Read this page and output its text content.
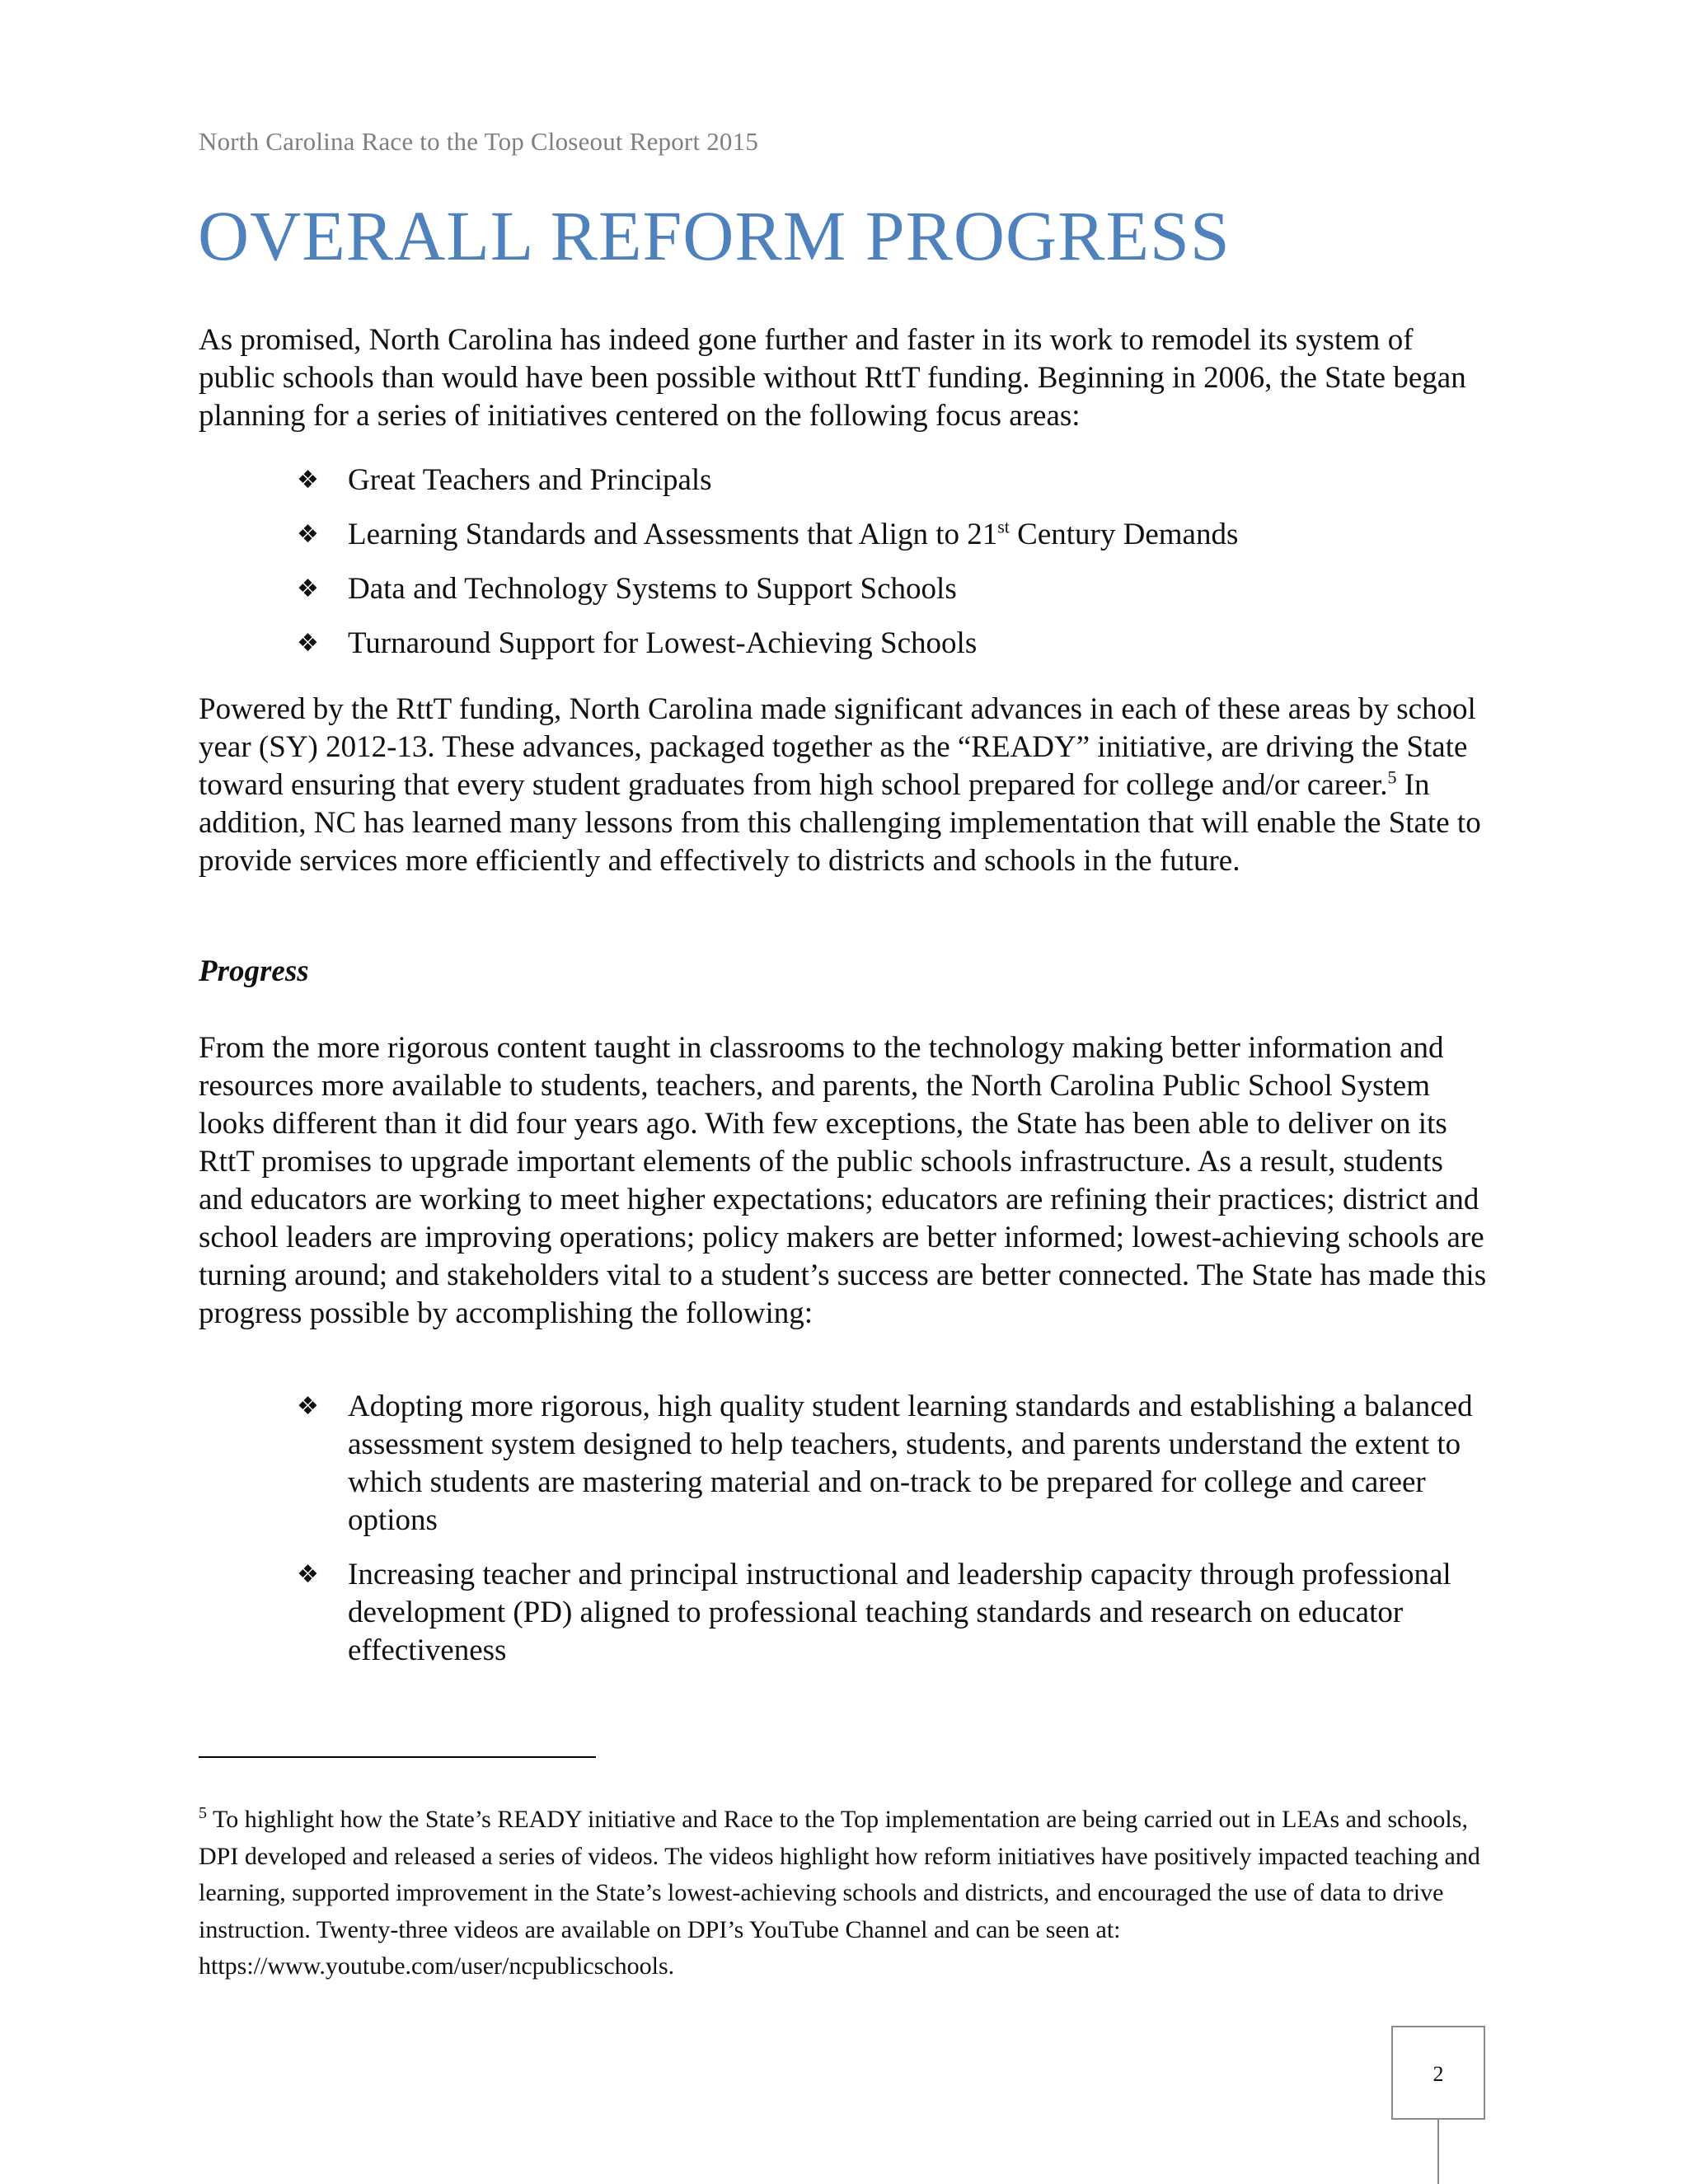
North Carolina Race to the Top Closeout Report 2015
OVERALL REFORM PROGRESS

As promised, North Carolina has indeed gone further and faster in its work to remodel its system of public schools than would have been possible without RttT funding. Beginning in 2006, the State began planning for a series of initiatives centered on the following focus areas:

❖ Great Teachers and Principals
❖ Learning Standards and Assessments that Align to 21st Century Demands
❖ Data and Technology Systems to Support Schools
❖ Turnaround Support for Lowest-Achieving Schools

Powered by the RttT funding, North Carolina made significant advances in each of these areas by school year (SY) 2012-13. These advances, packaged together as the “READY” initiative, are driving the State toward ensuring that every student graduates from high school prepared for college and/or career.$^5$ In addition, NC has learned many lessons from this challenging implementation that will enable the State to provide services more efficiently and effectively to districts and schools in the future.

Progress

From the more rigorous content taught in classrooms to the technology making better information and resources more available to students, teachers, and parents, the North Carolina Public School System looks different than it did four years ago. With few exceptions, the State has been able to deliver on its RttT promises to upgrade important elements of the public schools infrastructure. As a result, students and educators are working to meet higher expectations; educators are refining their practices; district and school leaders are improving operations; policy makers are better informed; lowest-achieving schools are turning around; and stakeholders vital to a student’s success are better connected. The State has made this progress possible by accomplishing the following:

❖ Adopting more rigorous, high quality student learning standards and establishing a balanced assessment system designed to help teachers, students, and parents understand the extent to which students are mastering material and on-track to be prepared for college and career options
❖ Increasing teacher and principal instructional and leadership capacity through professional development (PD) aligned to professional teaching standards and research on educator effectiveness

$^5$ To highlight how the State’s READY initiative and Race to the Top implementation are being carried out in LEAs and schools, DPI developed and released a series of videos. The videos highlight how reform initiatives have positively impacted teaching and learning, supported improvement in the State’s lowest-achieving schools and districts, and encouraged the use of data to drive instruction. Twenty-three videos are available on DPI’s YouTube Channel and can be seen at: https://www.youtube.com/user/ncpublicschools.

2
